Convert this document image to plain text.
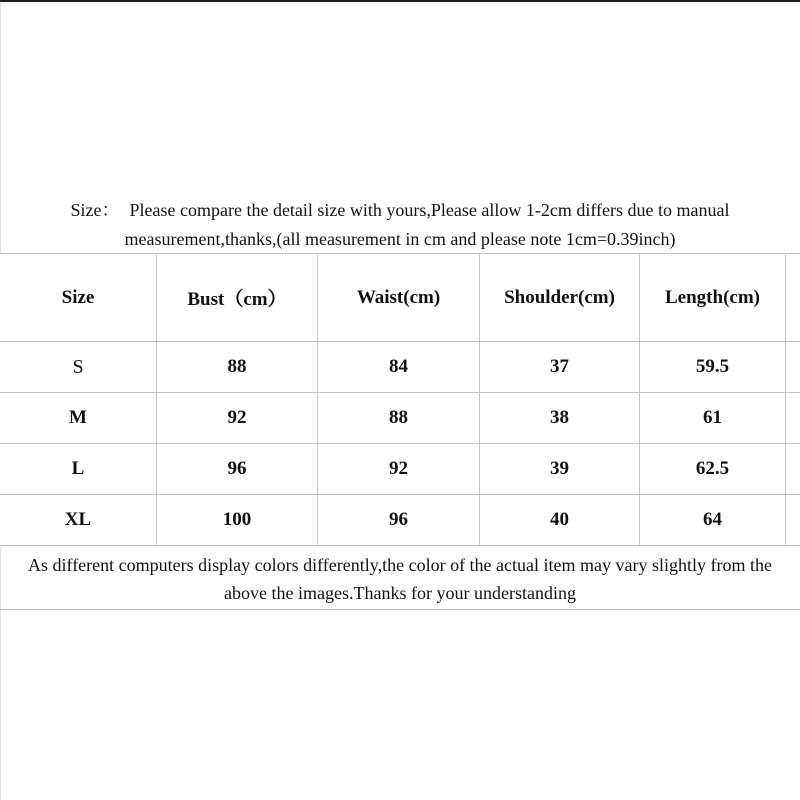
Size： Please compare the detail size with yours,Please allow 1-2cm differs due to manual
measurement,thanks,(all measurement in cm and please note 1cm=0.39inch)
Size	Bust（cm）	Waist(cm)	Shoulder(cm)	Length(cm)
S	88	84	37	59.5
M	92	88	38	61
L	96	92	39	62.5
XL	100	96	40	64
As different computers display colors differently,the color of the actual item may vary slightly from the
above the images.Thanks for your understanding
